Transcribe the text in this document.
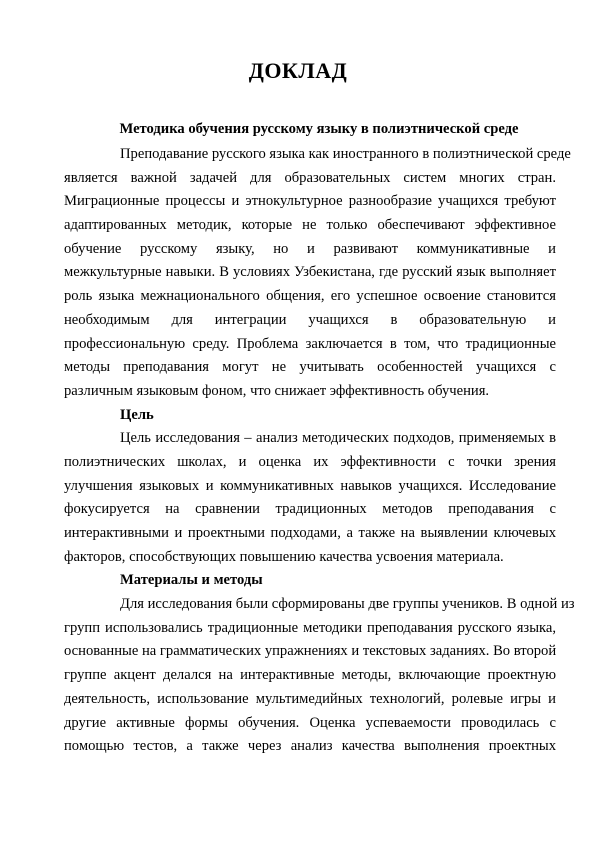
ДОКЛАД
Методика обучения русскому языку в полиэтнической среде
Преподавание русского языка как иностранного в полиэтнической среде
является важной задачей для образовательных систем многих стран.
Миграционные процессы и этнокультурное разнообразие учащихся требуют
адаптированных методик, которые не только обеспечивают эффективное
обучение русскому языку, но и развивают коммуникативные и
межкультурные навыки. В условиях Узбекистана, где русский язык выполняет
роль языка межнационального общения, его успешное освоение становится
необходимым для интеграции учащихся в образовательную и
профессиональную среду. Проблема заключается в том, что традиционные
методы преподавания могут не учитывать особенностей учащихся с
различным языковым фоном, что снижает эффективность обучения.
Цель
Цель исследования – анализ методических подходов, применяемых в
полиэтнических школах, и оценка их эффективности с точки зрения
улучшения языковых и коммуникативных навыков учащихся. Исследование
фокусируется на сравнении традиционных методов преподавания с
интерактивными и проектными подходами, а также на выявлении ключевых
факторов, способствующих повышению качества усвоения материала.
Материалы и методы
Для исследования были сформированы две группы учеников. В одной из
групп использовались традиционные методики преподавания русского языка,
основанные на грамматических упражнениях и текстовых заданиях. Во второй
группе акцент делался на интерактивные методы, включающие проектную
деятельность, использование мультимедийных технологий, ролевые игры и
другие активные формы обучения. Оценка успеваемости проводилась с
помощью тестов, а также через анализ качества выполнения проектных
